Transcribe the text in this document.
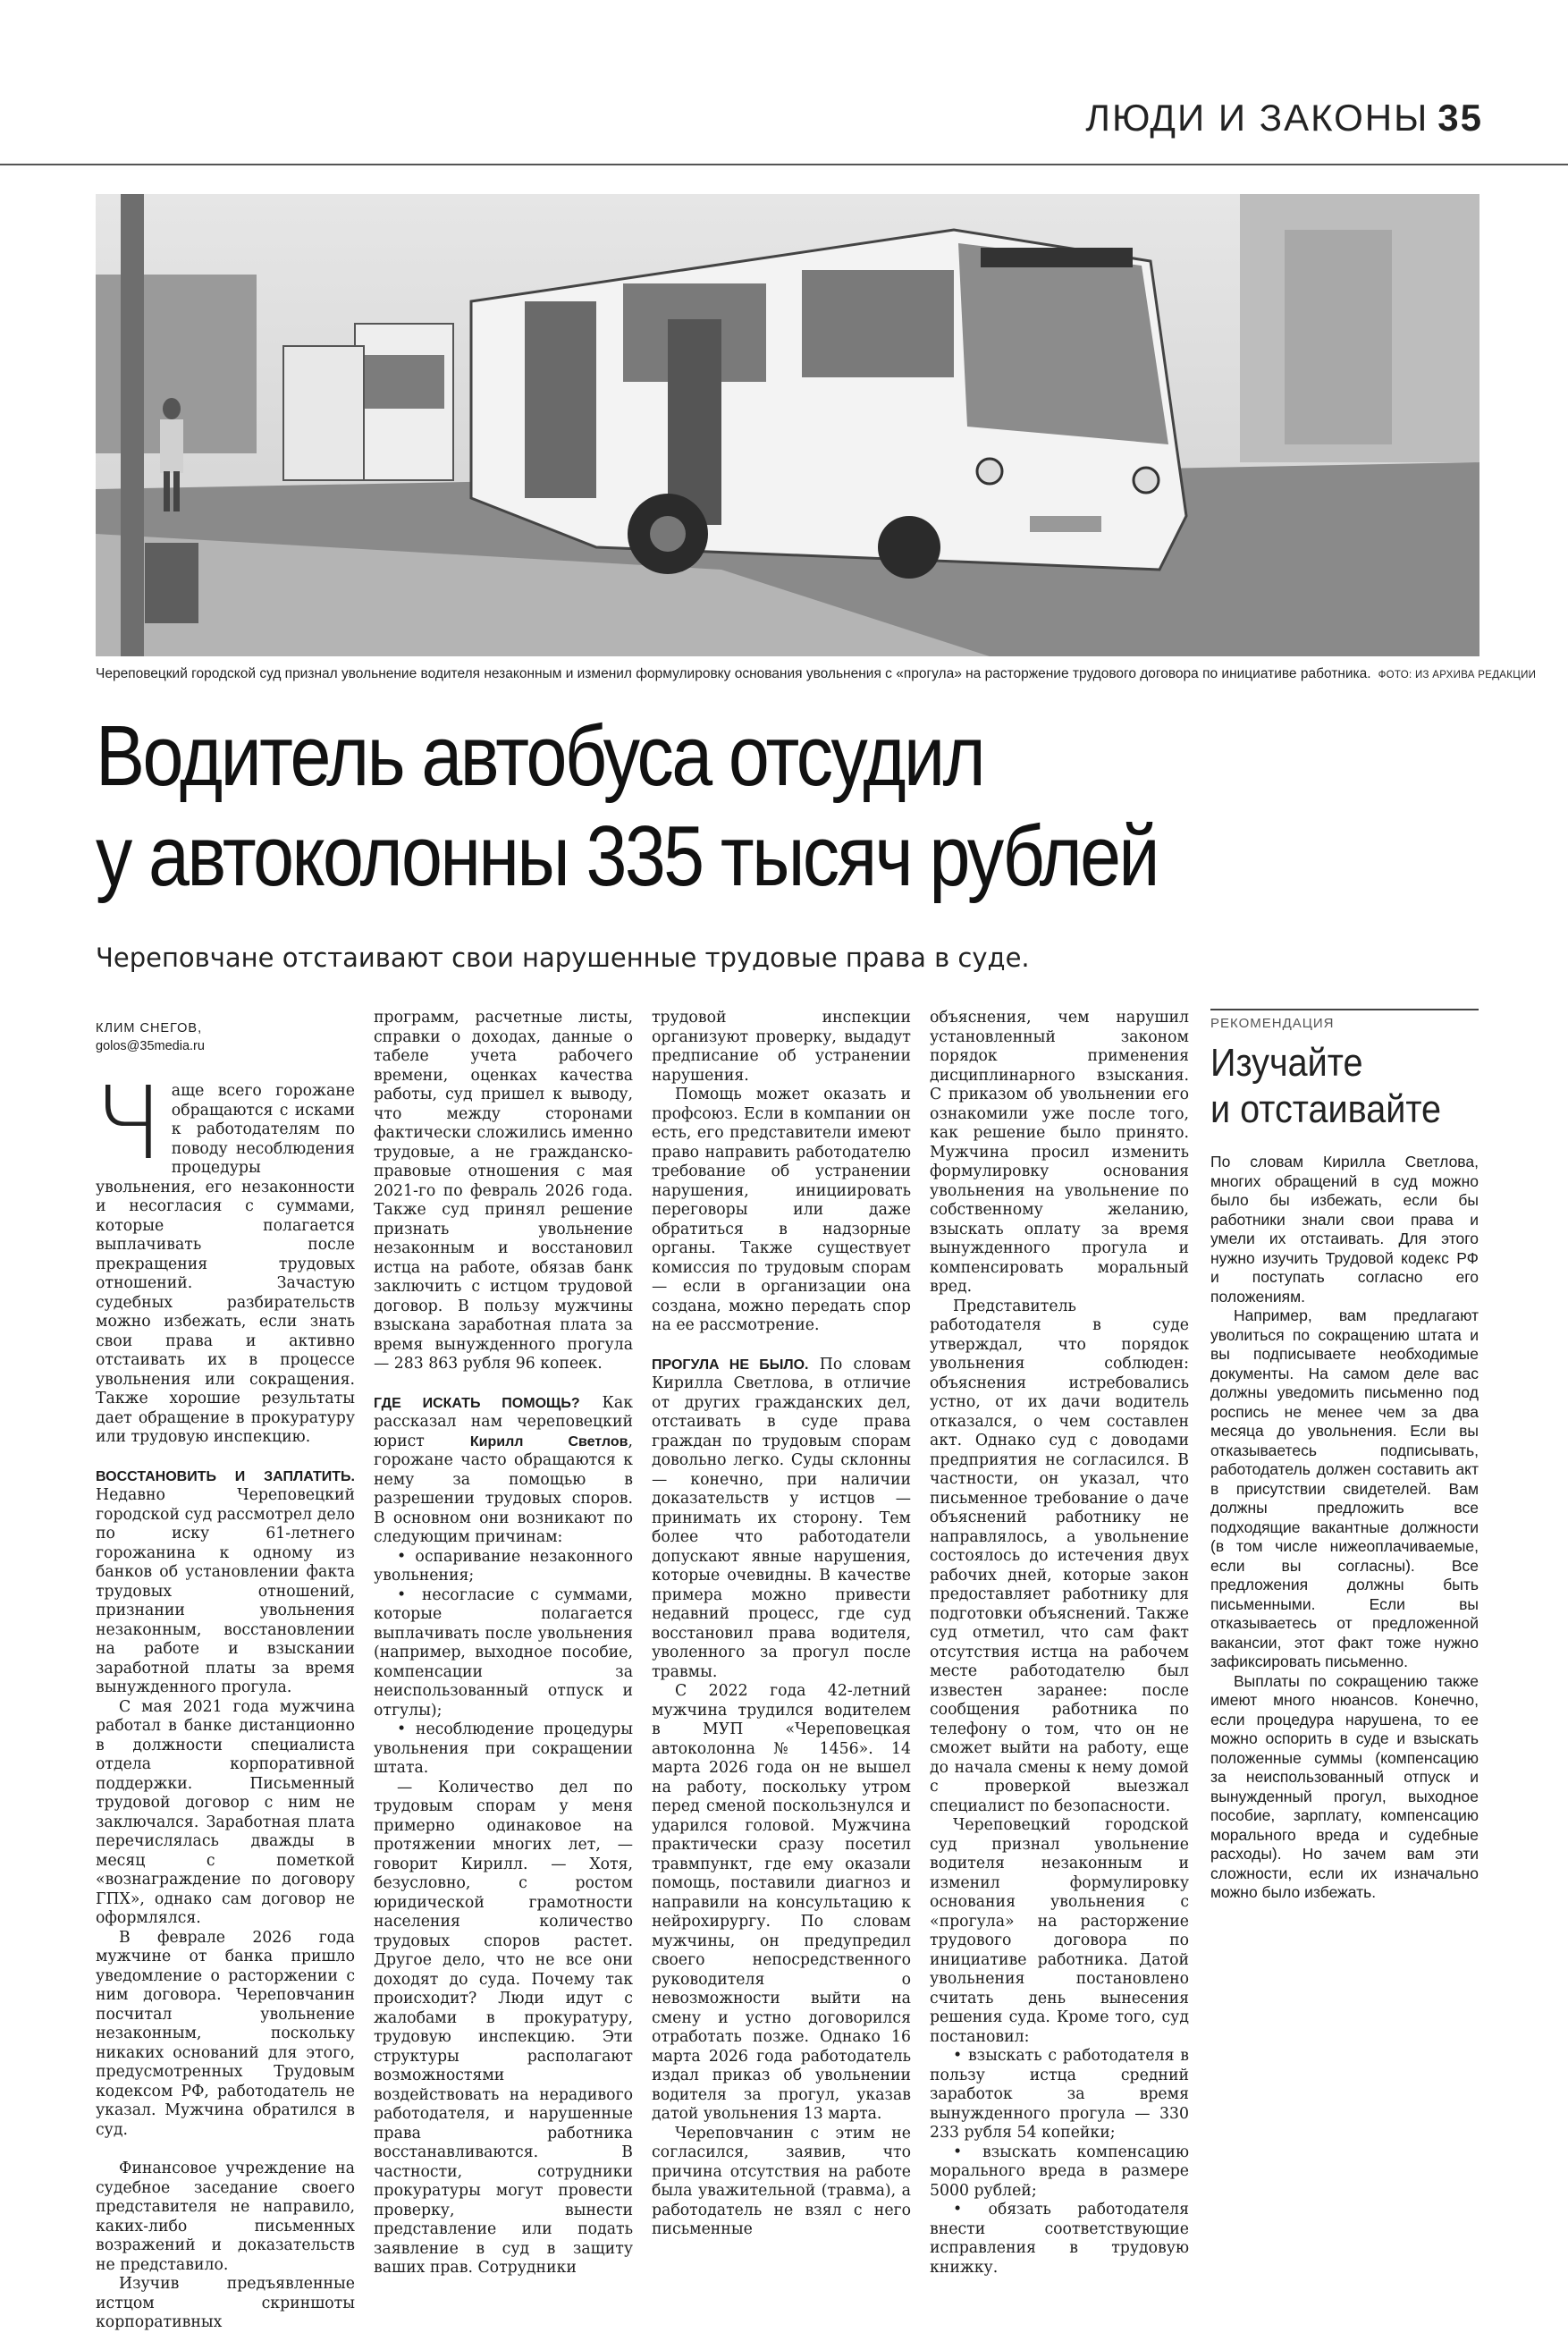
ЛЮДИ И ЗАКОНЫ 35
Череповецкий городской суд признал увольнение водителя незаконным и изменил формулировку основания увольнения с «прогула» на расторжение трудового договора по инициативе работника. ФОТО: ИЗ АРХИВА РЕДАКЦИИ
Водитель автобуса отсудил
у автоколонны 335 тысяч рублей
Череповчане отстаивают свои нарушенные трудовые права в суде.
КЛИМ СНЕГОВ,
golos@35media.ru

Чаще всего горожане обращаются с исками к работодателям по поводу несоблюдения процедуры увольнения, его незаконности и несогласия с суммами, которые полагается выплачивать после прекращения трудовых отношений. Зачастую судебных разбирательств можно избежать, если знать свои права и активно отстаивать их в процессе увольнения или сокращения. Также хорошие результаты дает обращение в прокуратуру или трудовую инспекцию.

ВОССТАНОВИТЬ И ЗАПЛАТИТЬ. Недавно Череповецкий городской суд рассмотрел дело по иску 61-летнего горожанина к одному из банков об установлении факта трудовых отношений, признании увольнения незаконным, восстановлении на работе и взыскании заработной платы за время вынужденного прогула.

С мая 2021 года мужчина работал в банке дистанционно в должности специалиста отдела корпоративной поддержки. Письменный трудовой договор с ним не заключался. Заработная плата перечислялась дважды в месяц с пометкой «вознаграждение по договору ГПХ», однако сам договор не оформлялся.

В феврале 2026 года мужчине от банка пришло уведомление о расторжении с ним договора. Череповчанин посчитал увольнение незаконным, поскольку никаких оснований для этого, предусмотренных Трудовым кодексом РФ, работодатель не указал. Мужчина обратился в суд.

Финансовое учреждение на судебное заседание своего представителя не направило, каких-либо письменных возражений и доказательств не представило.

Изучив предъявленные истцом скриншоты корпоративных

программ, расчетные листы, справки о доходах, данные о табеле учета рабочего времени, оценках качества работы, суд пришел к выводу, что между сторонами фактически сложились именно трудовые, а не гражданско-правовые отношения с мая 2021-го по февраль 2026 года. Также суд принял решение признать увольнение незаконным и восстановил истца на работе, обязав банк заключить с истцом трудовой договор. В пользу мужчины взыскана заработная плата за время вынужденного прогула — 283 863 рубля 96 копеек.

ГДЕ ИСКАТЬ ПОМОЩЬ? Как рассказал нам череповецкий юрист Кирилл Светлов, горожане часто обращаются к нему за помощью в разрешении трудовых споров. В основном они возникают по следующим причинам:

• оспаривание незаконного увольнения;
• несогласие с суммами, которые полагается выплачивать после увольнения (например, выходное пособие, компенсации за неиспользованный отпуск и отгулы);
• несоблюдение процедуры увольнения при сокращении штата.

— Количество дел по трудовым спорам у меня примерно одинаковое на протяжении многих лет, — говорит Кирилл. — Хотя, безусловно, с ростом юридической грамотности населения количество трудовых споров растет. Другое дело, что не все они доходят до суда. Почему так происходит? Люди идут с жалобами в прокуратуру, трудовую инспекцию. Эти структуры располагают возможностями воздействовать на нерадивого работодателя, и нарушенные права работника восстанавливаются. В частности, сотрудники прокуратуры могут провести проверку, вынести представление или подать заявление в суд в защиту ваших прав. Сотрудники

трудовой инспекции организуют проверку, выдадут предписание об устранении нарушения.

Помощь может оказать и профсоюз. Если в компании он есть, его представители имеют право направить работодателю требование об устранении нарушения, инициировать переговоры или даже обратиться в надзорные органы. Также существует комиссия по трудовым спорам — если в организации она создана, можно передать спор на ее рассмотрение.

ПРОГУЛА НЕ БЫЛО. По словам Кирилла Светлова, в отличие от других гражданских дел, отстаивать в суде права граждан по трудовым спорам довольно легко. Суды склонны — конечно, при наличии доказательств у истцов — принимать их сторону. Тем более что работодатели допускают явные нарушения, которые очевидны. В качестве примера можно привести недавний процесс, где суд восстановил права водителя, уволенного за прогул после травмы.

С 2022 года 42-летний мужчина трудился водителем в МУП «Череповецкая автоколонна № 1456». 14 марта 2026 года он не вышел на работу, поскольку утром перед сменой поскользнулся и ударился головой. Мужчина практически сразу посетил травмпункт, где ему оказали помощь, поставили диагноз и направили на консультацию к нейрохирургу. По словам мужчины, он предупредил своего непосредственного руководителя о невозможности выйти на смену и устно договорился отработать позже. Однако 16 марта 2026 года работодатель издал приказ об увольнении водителя за прогул, указав датой увольнения 13 марта.

Череповчанин с этим не согласился, заявив, что причина отсутствия на работе была уважительной (травма), а работодатель не взял с него письменные

объяснения, чем нарушил установленный законом порядок применения дисциплинарного взыскания. С приказом об увольнении его ознакомили уже после того, как решение было принято. Мужчина просил изменить формулировку основания увольнения на увольнение по собственному желанию, взыскать оплату за время вынужденного прогула и компенсировать моральный вред.

Представитель работодателя в суде утверждал, что порядок увольнения соблюден: объяснения истребовались устно, от их дачи водитель отказался, о чем составлен акт. Однако суд с доводами предприятия не согласился. В частности, он указал, что письменное требование о даче объяснений работнику не направлялось, а увольнение состоялось до истечения двух рабочих дней, которые закон предоставляет работнику для подготовки объяснений. Также суд отметил, что сам факт отсутствия истца на рабочем месте работодателю был известен заранее: после сообщения работника по телефону о том, что он не сможет выйти на работу, еще до начала смены к нему домой с проверкой выезжал специалист по безопасности.

Череповецкий городской суд признал увольнение водителя незаконным и изменил формулировку основания увольнения с «прогула» на расторжение трудового договора по инициативе работника. Датой увольнения постановлено считать день вынесения решения суда. Кроме того, суд постановил:

• взыскать с работодателя в пользу истца средний заработок за время вынужденного прогула — 330 233 рубля 54 копейки;
• взыскать компенсацию морального вреда в размере 5000 рублей;
• обязать работодателя внести соответствующие исправления в трудовую книжку.
РЕКОМЕНДАЦИЯ
Изучайте
и отстаивайте

По словам Кирилла Светлова, многих обращений в суд можно было бы избежать, если бы работники знали свои права и умели их отстаивать. Для этого нужно изучить Трудовой кодекс РФ и поступать согласно его положениям.

Например, вам предлагают уволиться по сокращению штата и вы подписываете необходимые документы. На самом деле вас должны уведомить письменно под роспись не менее чем за два месяца до увольнения. Если вы отказываетесь подписывать, работодатель должен составить акт в присутствии свидетелей. Вам должны предложить все подходящие вакантные должности (в том числе нижеоплачиваемые, если вы согласны). Все предложения должны быть письменными. Если вы отказываетесь от предложенной вакансии, этот факт тоже нужно зафиксировать письменно.

Выплаты по сокращению также имеют много нюансов. Конечно, если процедура нарушена, то ее можно оспорить в суде и взыскать положенные суммы (компенсацию за неиспользованный отпуск и вынужденный прогул, выходное пособие, зарплату, компенсацию морального вреда и судебные расходы). Но зачем вам эти сложности, если их изначально можно было избежать.
